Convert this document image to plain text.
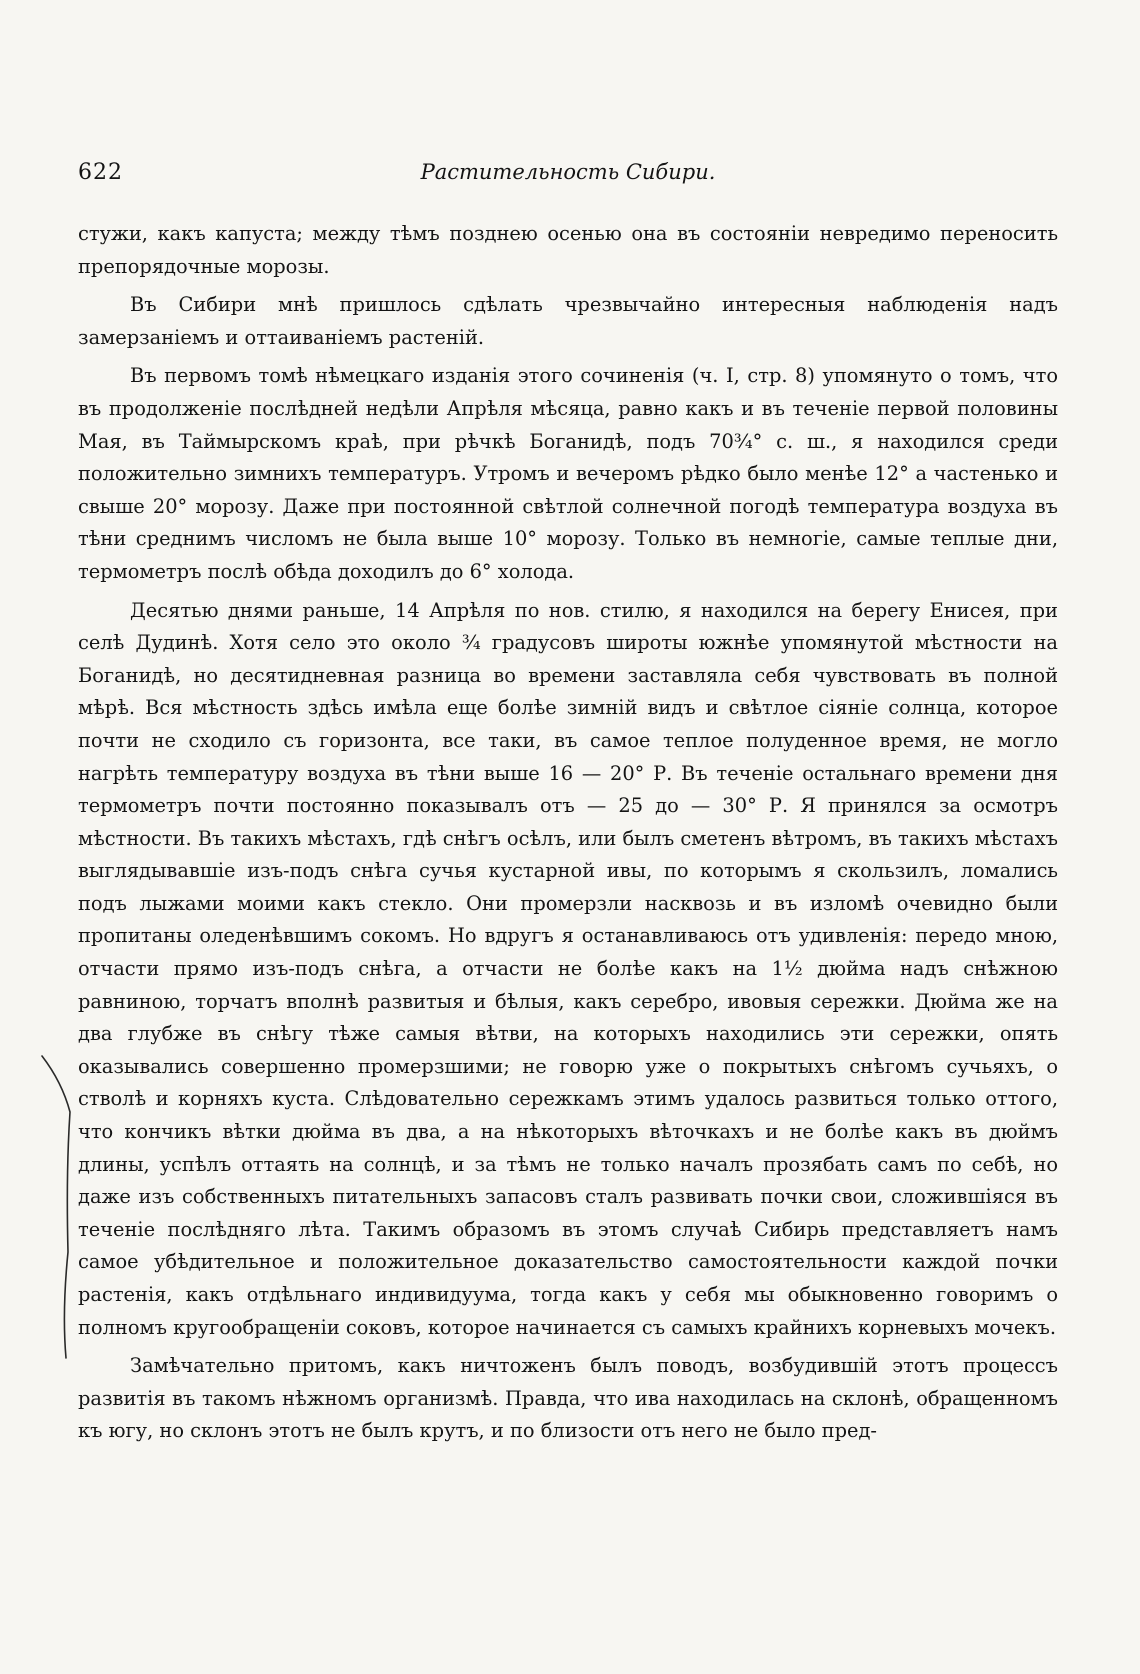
622	Растительность Сибири.

стужи, какъ капуста; между тѣмъ позднею осенью она въ состояніи невредимо переносить препорядочные морозы.

Въ Сибири мнѣ пришлось сдѣлать чрезвычайно интересныя наблюденія надъ замерзаніемъ и оттаиваніемъ растеній.

Въ первомъ томѣ нѣмецкаго изданія этого сочиненія (ч. I, стр. 8) упомянуто о томъ, что въ продолженіе послѣдней недѣли Апрѣля мѣсяца, равно какъ и въ теченіе первой половины Мая, въ Таймырскомъ краѣ, при рѣчкѣ Боганидѣ, подъ 70¾° с. ш., я находился среди положительно зимнихъ температуръ. Утромъ и вечеромъ рѣдко было менѣе 12° а частенько и свыше 20° морозу. Даже при постоянной свѣтлой солнечной погодѣ температура воздуха въ тѣни среднимъ числомъ не была выше 10° морозу. Только въ немногіе, самые теплые дни, термометръ послѣ обѣда доходилъ до 6° холода.

Десятью днями раньше, 14 Апрѣля по нов. стилю, я находился на берегу Енисея, при селѣ Дудинѣ. Хотя село это около ¾ градусовъ широты южнѣе упомянутой мѣстности на Боганидѣ, но десятидневная разница во времени заставляла себя чувствовать въ полной мѣрѣ. Вся мѣстность здѣсь имѣла еще болѣе зимній видъ и свѣтлое сіяніе солнца, которое почти не сходило съ горизонта, все таки, въ самое теплое полуденное время, не могло нагрѣть температуру воздуха въ тѣни выше 16 — 20° Р. Въ теченіе остальнаго времени дня термометръ почти постоянно показывалъ отъ — 25 до — 30° Р. Я принялся за осмотръ мѣстности. Въ такихъ мѣстахъ, гдѣ снѣгъ осѣлъ, или былъ сметенъ вѣтромъ, въ такихъ мѣстахъ выглядывавшіе изъ-подъ снѣга сучья кустарной ивы, по которымъ я скользилъ, ломались подъ лыжами моими какъ стекло. Они промерзли насквозь и въ изломѣ очевидно были пропитаны оледенѣвшимъ сокомъ. Но вдругъ я останавливаюсь отъ удивленія: передо мною, отчасти прямо изъ-подъ снѣга, а отчасти не болѣе какъ на 1½ дюйма надъ снѣжною равниною, торчатъ вполнѣ развитыя и бѣлыя, какъ серебро, ивовыя сережки. Дюйма же на два глубже въ снѣгу тѣже самыя вѣтви, на которыхъ находились эти сережки, опять оказывались совершенно промерзшими; не говорю уже о покрытыхъ снѣгомъ сучьяхъ, о стволѣ и корняхъ куста. Слѣдовательно сережкамъ этимъ удалось развиться только оттого, что кончикъ вѣтки дюйма въ два, а на нѣкоторыхъ вѣточкахъ и не болѣе какъ въ дюймъ длины, успѣлъ оттаять на солнцѣ, и за тѣмъ не только началъ прозябать самъ по себѣ, но даже изъ собственныхъ питательныхъ запасовъ сталъ развивать почки свои, сложившіяся въ теченіе послѣдняго лѣта. Такимъ образомъ въ этомъ случаѣ Сибирь представляетъ намъ самое убѣдительное и положительное доказательство самостоятельности каждой почки растенія, какъ отдѣльнаго индивидуума, тогда какъ у себя мы обыкновенно говоримъ о полномъ кругообращеніи соковъ, которое начинается съ самыхъ крайнихъ корневыхъ мочекъ.

Замѣчательно притомъ, какъ ничтоженъ былъ поводъ, возбудившій этотъ процессъ развитія въ такомъ нѣжномъ организмѣ. Правда, что ива находилась на склонѣ, обращенномъ къ югу, но склонъ этотъ не былъ крутъ, и по близости отъ него не было пред-
